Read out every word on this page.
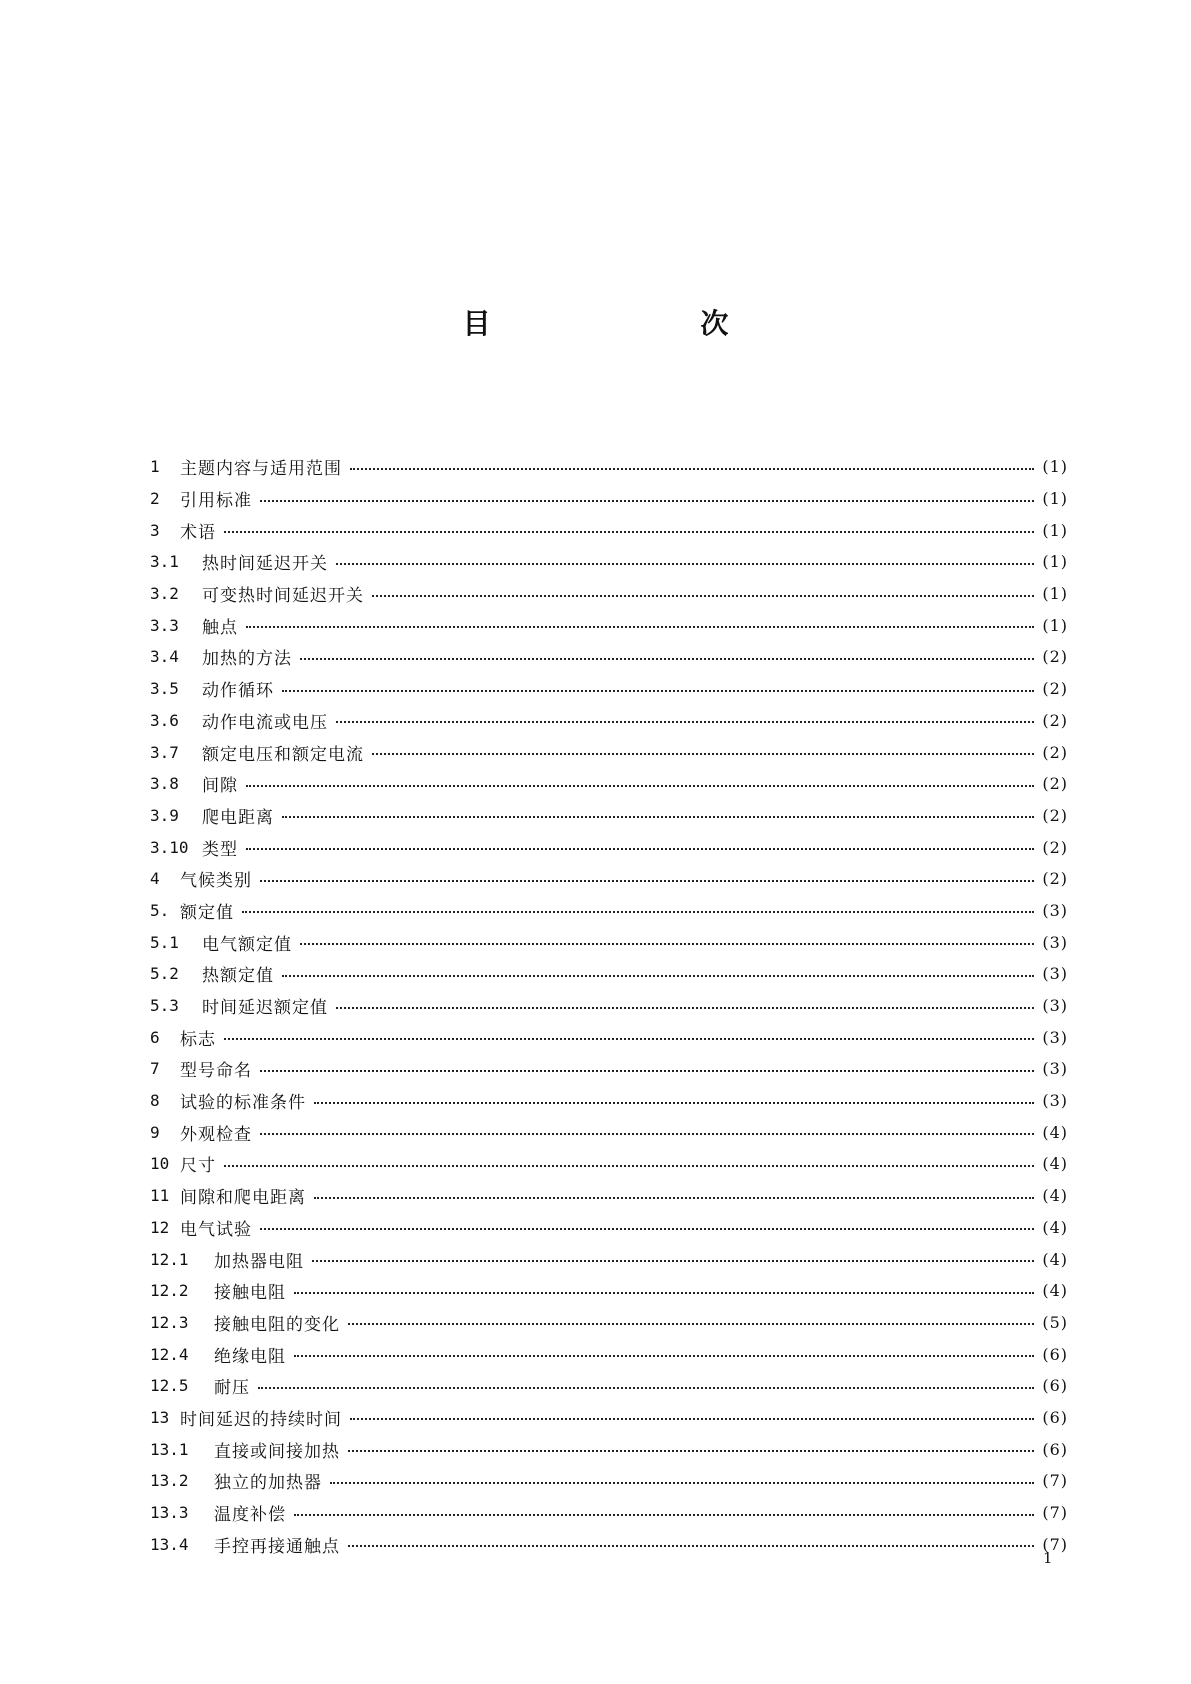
目 次
1	主题内容与适用范围	(1)
2	引用标准	(1)
3	术语	(1)
3.1	热时间延迟开关	(1)
3.2	可变热时间延迟开关	(1)
3.3	触点	(1)
3.4	加热的方法	(2)
3.5	动作循环	(2)
3.6	动作电流或电压	(2)
3.7	额定电压和额定电流	(2)
3.8	间隙	(2)
3.9	爬电距离	(2)
3.10 类型	(2)
4	气候类别	(2)
5. 额定值	(3)
5.1	电气额定值	(3)
5.2	热额定值	(3)
5.3	时间延迟额定值	(3)
6	标志	(3)
7	型号命名	(3)
8	试验的标准条件	(3)
9	外观检查	(4)
10 尺寸	(4)
11 间隙和爬电距离	(4)
12 电气试验	(4)
12.1	加热器电阻	(4)
12.2	接触电阻	(4)
12.3	接触电阻的变化	(5)
12.4	绝缘电阻	(6)
12.5	耐压	(6)
13 时间延迟的持续时间	(6)
13.1	直接或间接加热	(6)
13.2	独立的加热器	(7)
13.3	温度补偿	(7)
13.4	手控再接通触点	(7)
1
